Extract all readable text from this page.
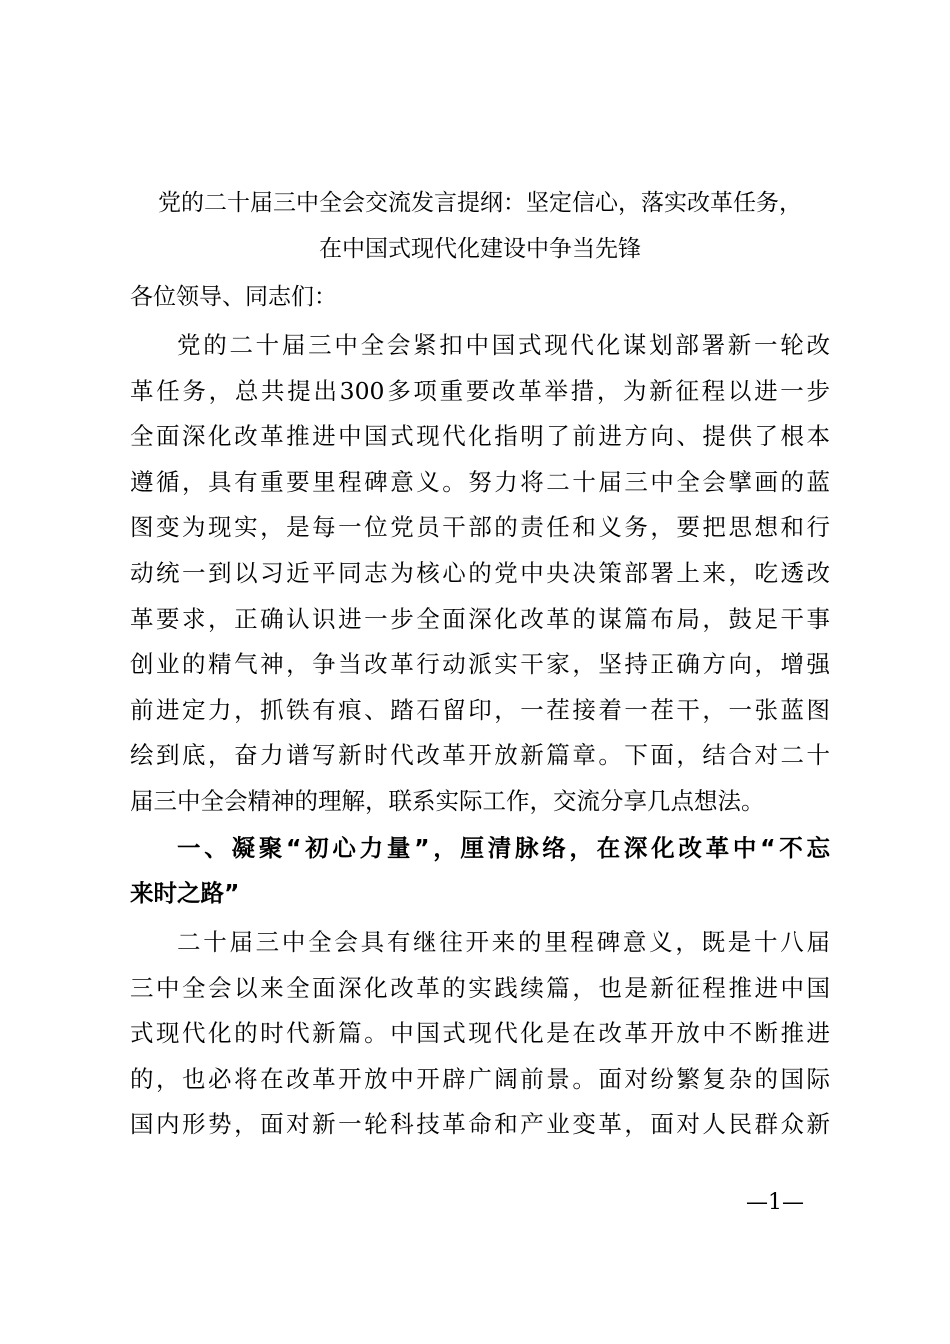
党的二十届三中全会交流发言提纲：坚定信心，落实改革任务，
在中国式现代化建设中争当先锋
各位领导、同志们：
党的二十届三中全会紧扣中国式现代化谋划部署新一轮改
革任务，总共提出300多项重要改革举措，为新征程以进一步
全面深化改革推进中国式现代化指明了前进方向、提供了根本
遵循，具有重要里程碑意义。努力将二十届三中全会擘画的蓝
图变为现实，是每一位党员干部的责任和义务，要把思想和行
动统一到以习近平同志为核心的党中央决策部署上来，吃透改
革要求，正确认识进一步全面深化改革的谋篇布局，鼓足干事
创业的精气神，争当改革行动派实干家，坚持正确方向，增强
前进定力，抓铁有痕、踏石留印，一茬接着一茬干，一张蓝图
绘到底，奋力谱写新时代改革开放新篇章。下面，结合对二十
届三中全会精神的理解，联系实际工作，交流分享几点想法。
一、凝聚“初心力量”，厘清脉络，在深化改革中“不忘
来时之路”
二十届三中全会具有继往开来的里程碑意义，既是十八届
三中全会以来全面深化改革的实践续篇，也是新征程推进中国
式现代化的时代新篇。中国式现代化是在改革开放中不断推进
的，也必将在改革开放中开辟广阔前景。面对纷繁复杂的国际
国内形势，面对新一轮科技革命和产业变革，面对人民群众新
—1—
